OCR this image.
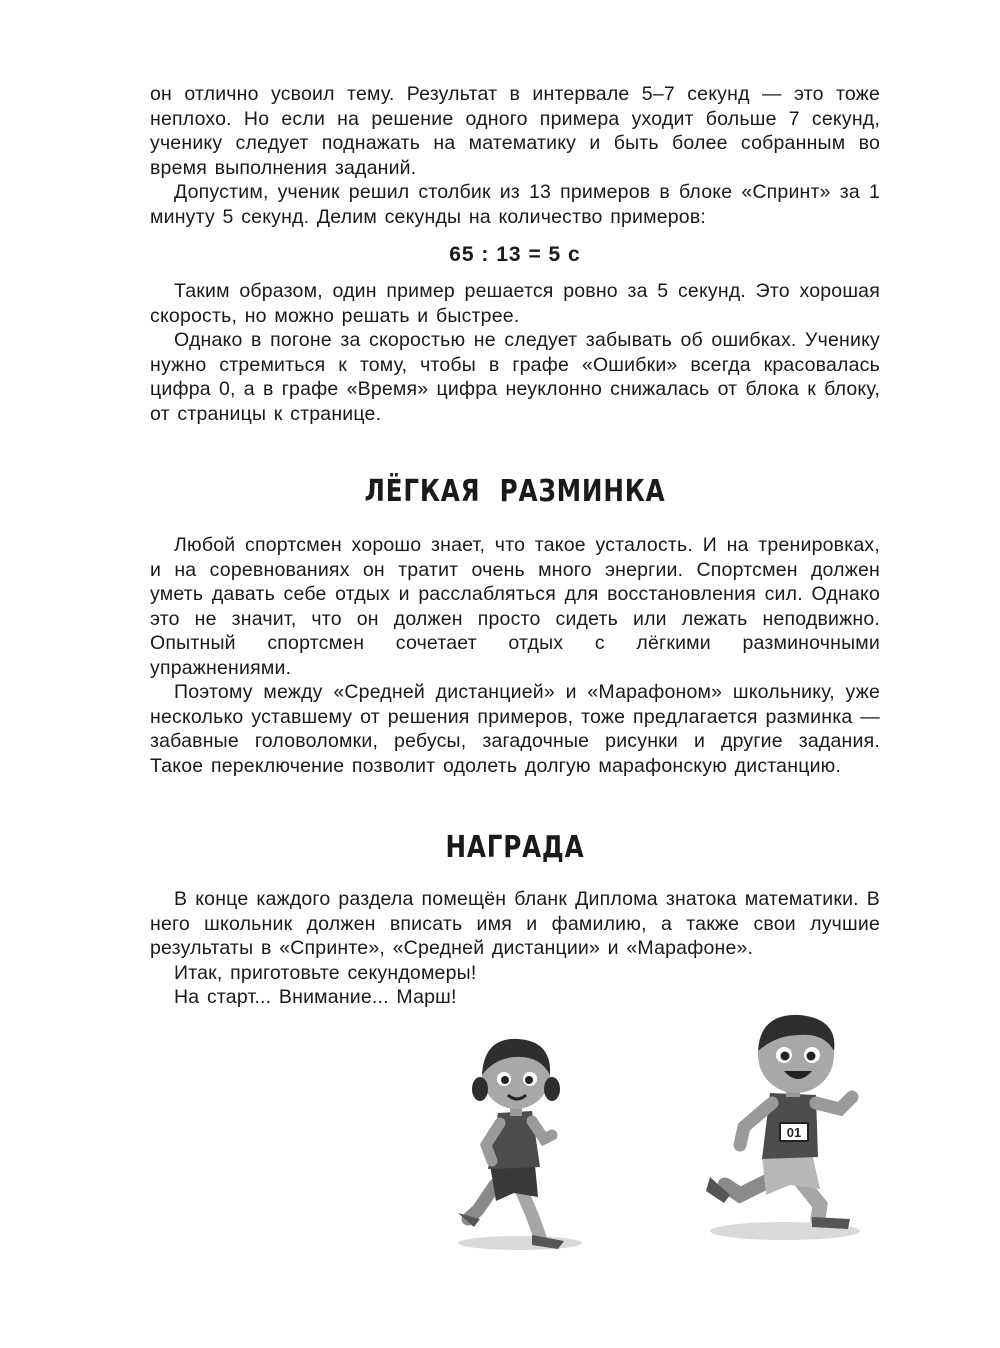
он отлично усвоил тему. Результат в интервале 5–7 секунд — это тоже неплохо. Но если на решение одного примера уходит больше 7 секунд, ученику следует поднажать на математику и быть более собранным во время выполнения заданий.

Допустим, ученик решил столбик из 13 примеров в блоке «Спринт» за 1 минуту 5 секунд. Делим секунды на количество примеров:

65 : 13 = 5 с

Таким образом, один пример решается ровно за 5 секунд. Это хорошая скорость, но можно решать и быстрее.

Однако в погоне за скоростью не следует забывать об ошибках. Ученику нужно стремиться к тому, чтобы в графе «Ошибки» всегда красовалась цифра 0, а в графе «Время» цифра неуклонно снижалась от блока к блоку, от страницы к странице.

ЛЁГКАЯ РАЗМИНКА

Любой спортсмен хорошо знает, что такое усталость. И на тренировках, и на соревнованиях он тратит очень много энергии. Спортсмен должен уметь давать себе отдых и расслабляться для восстановления сил. Однако это не значит, что он должен просто сидеть или лежать неподвижно. Опытный спортсмен сочетает отдых с лёгкими разминочными упражнениями.

Поэтому между «Средней дистанцией» и «Марафоном» школьнику, уже несколько уставшему от решения примеров, тоже предлагается разминка — забавные головоломки, ребусы, загадочные рисунки и другие задания. Такое переключение позволит одолеть долгую марафонскую дистанцию.

НАГРАДА

В конце каждого раздела помещён бланк Диплома знатока математики. В него школьник должен вписать имя и фамилию, а также свои лучшие результаты в «Спринте», «Средней дистанции» и «Марафоне».

Итак, приготовьте секундомеры!

На старт... Внимание... Марш!

01
